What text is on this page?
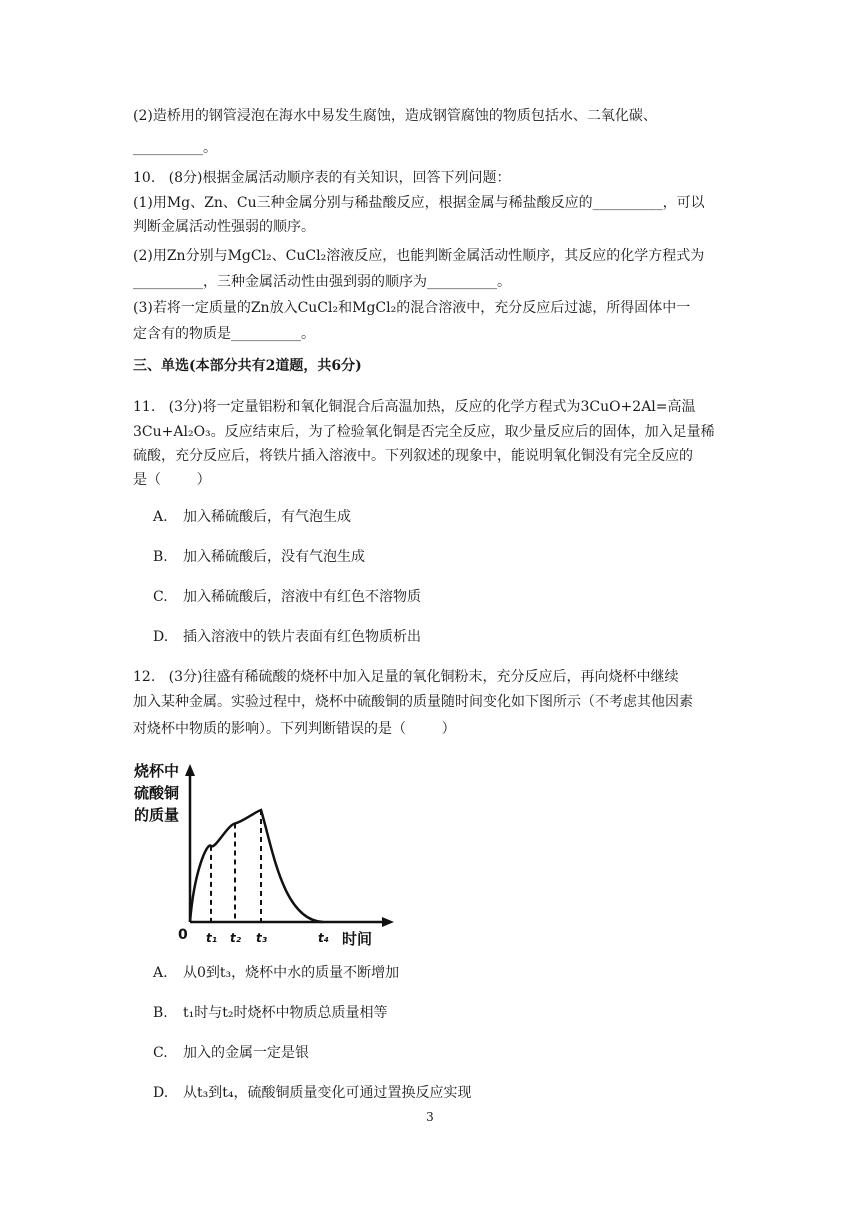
(2)造桥用的钢管浸泡在海水中易发生腐蚀，造成钢管腐蚀的物质包括水、二氧化碳、
__________。
10.   (8分)根据金属活动顺序表的有关知识，回答下列问题：
(1)用Mg、Zn、Cu三种金属分别与稀盐酸反应，根据金属与稀盐酸反应的__________，可以
判断金属活动性强弱的顺序。
(2)用Zn分别与MgCl₂、CuCl₂溶液反应，也能判断金属活动性顺序，其反应的化学方程式为
__________，三种金属活动性由强到弱的顺序为__________。
(3)若将一定质量的Zn放入CuCl₂和MgCl₂的混合溶液中，充分反应后过滤，所得固体中一
定含有的物质是__________。
三、单选(本部分共有2道题，共6分)
11.   (3分)将一定量铝粉和氧化铜混合后高温加热，反应的化学方程式为3CuO+2Al=高温
3Cu+Al₂O₃。反应结束后，为了检验氧化铜是否完全反应，取少量反应后的固体，加入足量稀
硫酸，充分反应后，将铁片插入溶液中。下列叙述的现象中，能说明氧化铜没有完全反应的
是（        ）
A. 加入稀硫酸后，有气泡生成
B. 加入稀硫酸后，没有气泡生成
C. 加入稀硫酸后，溶液中有红色不溶物质
D. 插入溶液中的铁片表面有红色物质析出
12.   (3分)往盛有稀硫酸的烧杯中加入足量的氧化铜粉末，充分反应后，再向烧杯中继续
加入某种金属。实验过程中，烧杯中硫酸铜的质量随时间变化如下图所示（不考虑其他因素
对烧杯中物质的影响）。下列判断错误的是（        ）
烧杯中
硫酸铜
的质量
时间
0 t₁ t₂ t₃	t₄
A. 从0到t₃，烧杯中水的质量不断增加
B. t₁时与t₂时烧杯中物质总质量相等
C. 加入的金属一定是银
D. 从t₃到t₄，硫酸铜质量变化可通过置换反应实现
3
